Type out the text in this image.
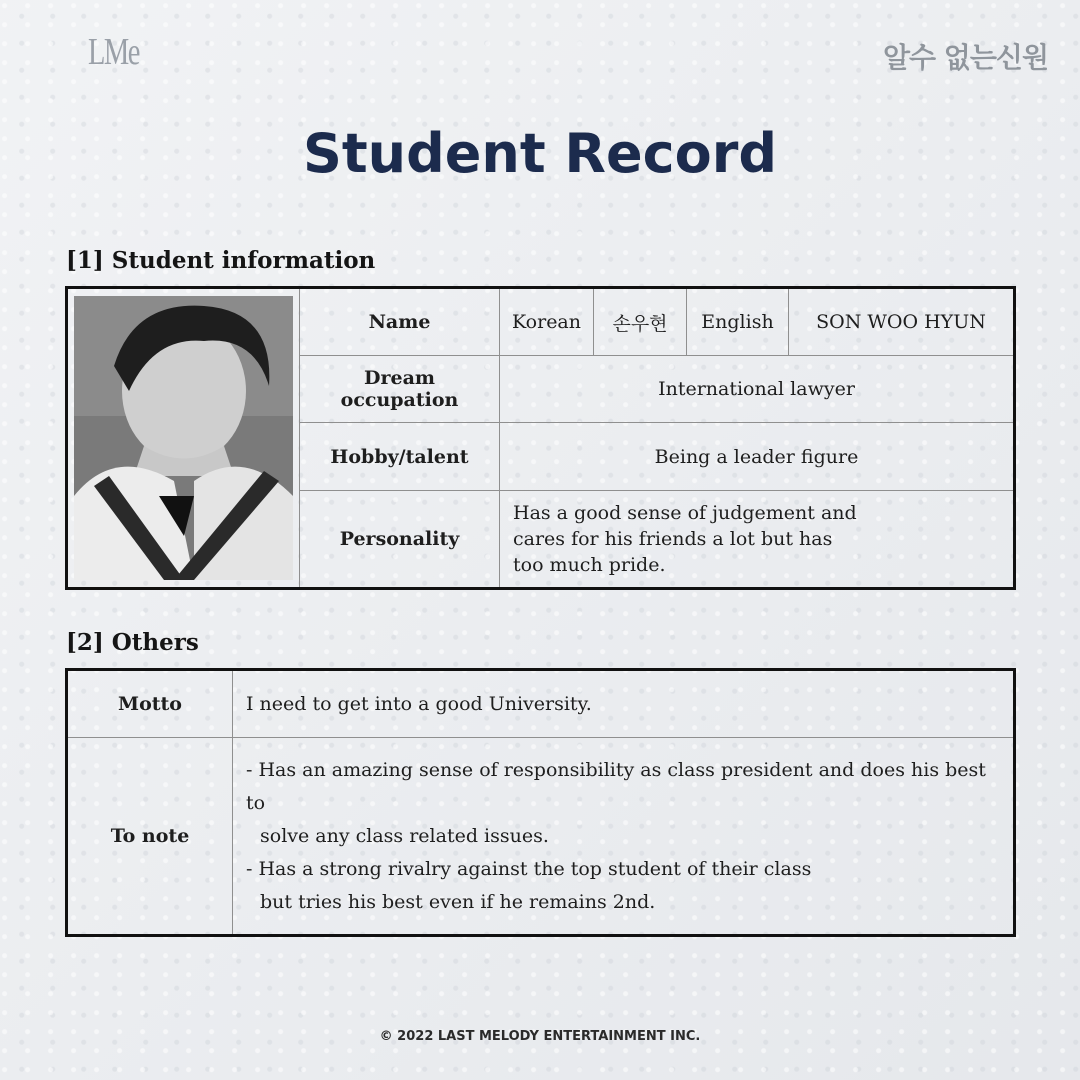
LMe	알수 없는신원
Student Record
[1] Student information
	Name	Korean	손우현	English	SON WOO HYUN
	Dream occupation	International lawyer			
	Hobby/talent	Being a leader figure			
	Personality	Has a good sense of judgement and
cares for his friends a lot but has
too much pride.			
[2] Others
Motto	I need to get into a good University.
To note	- Has an amazing sense of responsibility as class president and does his best to
solve any class related issues.
- Has a strong rivalry against the top student of their class
but tries his best even if he remains 2nd.
© 2022 LAST MELODY ENTERTAINMENT INC.
